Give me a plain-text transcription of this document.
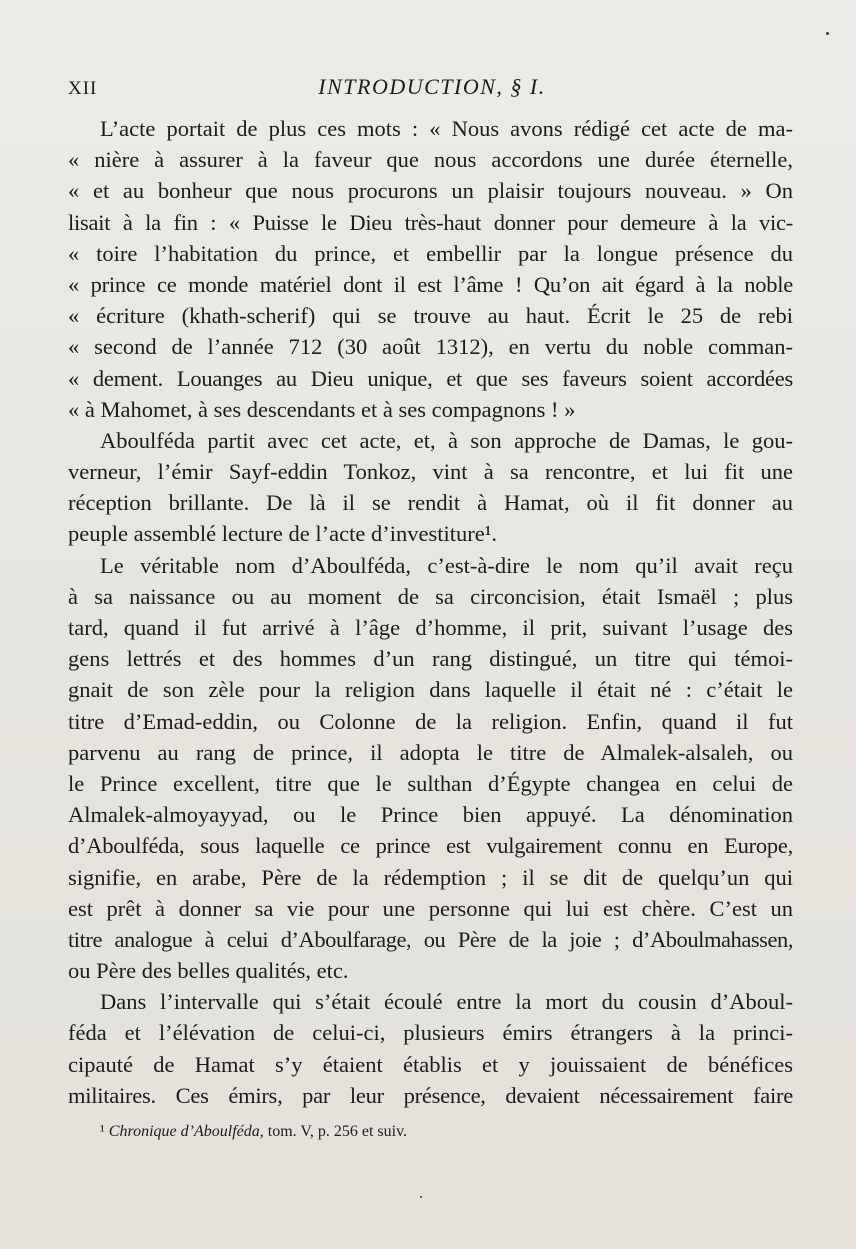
XII	INTRODUCTION, § I.
L’acte portait de plus ces mots : « Nous avons rédigé cet acte de ma-
« nière à assurer à la faveur que nous accordons une durée éternelle,
« et au bonheur que nous procurons un plaisir toujours nouveau. » On
lisait à la fin : « Puisse le Dieu très-haut donner pour demeure à la vic-
« toire l’habitation du prince, et embellir par la longue présence du
« prince ce monde matériel dont il est l’âme ! Qu’on ait égard à la noble
« écriture (khath-scherif) qui se trouve au haut. Écrit le 25 de rebi
« second de l’année 712 (30 août 1312), en vertu du noble comman-
« dement. Louanges au Dieu unique, et que ses faveurs soient accordées
« à Mahomet, à ses descendants et à ses compagnons ! »
Aboulféda partit avec cet acte, et, à son approche de Damas, le gou-
verneur, l’émir Sayf-eddin Tonkoz, vint à sa rencontre, et lui fit une
réception brillante. De là il se rendit à Hamat, où il fit donner au
peuple assemblé lecture de l’acte d’investiture¹.
Le véritable nom d’Aboulféda, c’est-à-dire le nom qu’il avait reçu
à sa naissance ou au moment de sa circoncision, était Ismaël ; plus
tard, quand il fut arrivé à l’âge d’homme, il prit, suivant l’usage des
gens lettrés et des hommes d’un rang distingué, un titre qui témoi-
gnait de son zèle pour la religion dans laquelle il était né : c’était le
titre d’Emad-eddin, ou Colonne de la religion. Enfin, quand il fut
parvenu au rang de prince, il adopta le titre de Almalek-alsaleh, ou
le Prince excellent, titre que le sulthan d’Égypte changea en celui de
Almalek-almoyayyad, ou le Prince bien appuyé. La dénomination
d’Aboulféda, sous laquelle ce prince est vulgairement connu en Europe,
signifie, en arabe, Père de la rédemption ; il se dit de quelqu’un qui
est prêt à donner sa vie pour une personne qui lui est chère. C’est un
titre analogue à celui d’Aboulfarage, ou Père de la joie ; d’Aboulmahassen,
ou Père des belles qualités, etc.
Dans l’intervalle qui s’était écoulé entre la mort du cousin d’Aboul-
féda et l’élévation de celui-ci, plusieurs émirs étrangers à la princi-
cipauté de Hamat s’y étaient établis et y jouissaient de bénéfices
militaires. Ces émirs, par leur présence, devaient nécessairement faire
¹ Chronique d’Aboulféda, tom. V, p. 256 et suiv.
